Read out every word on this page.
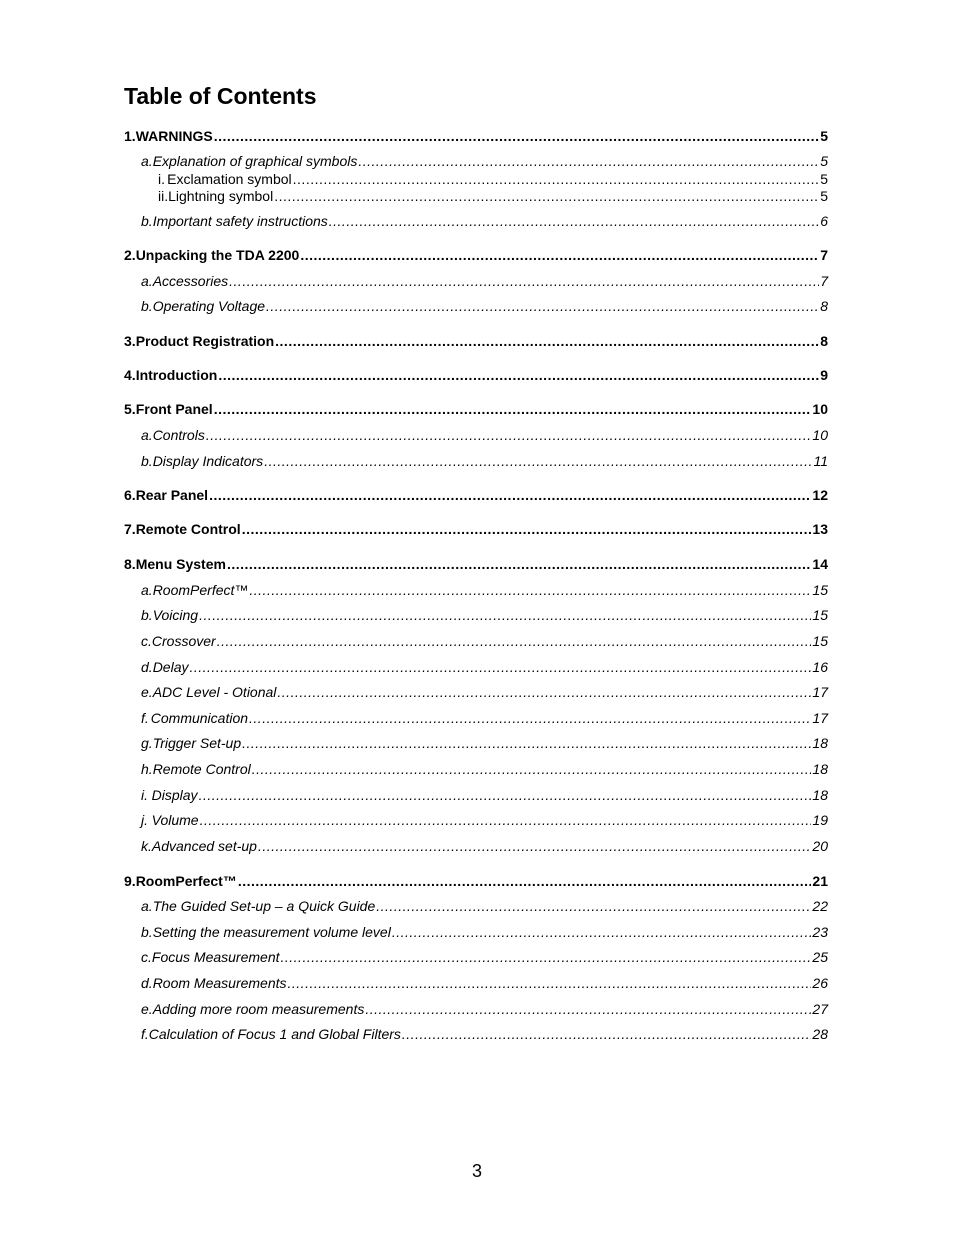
Table of Contents
1. WARNINGS .....	5
a. Explanation of graphical symbols .....	5
i. Exclamation symbol .....	5
ii. Lightning symbol .....	5
b. Important safety instructions .....	6
2. Unpacking the TDA 2200 .....	7
a. Accessories .....	7
b. Operating Voltage .....	8
3. Product Registration .....	8
4. Introduction .....	9
5. Front Panel .....	10
a. Controls .....	10
b. Display Indicators .....	11
6. Rear Panel .....	12
7. Remote Control .....	13
8. Menu System .....	14
a. RoomPerfect™ .....	15
b. Voicing .....	15
c. Crossover .....	15
d. Delay .....	16
e. ADC Level - Otional .....	17
f. Communication .....	17
g. Trigger Set-up .....	18
h. Remote Control .....	18
i. Display .....	18
j. Volume .....	19
k. Advanced set-up .....	20
9. RoomPerfect™ .....	21
a. The Guided Set-up – a Quick Guide .....	22
b. Setting the measurement volume level .....	23
c. Focus Measurement .....	25
d. Room Measurements .....	26
e. Adding more room measurements .....	27
f. Calculation of Focus 1 and Global Filters .....	28
3
